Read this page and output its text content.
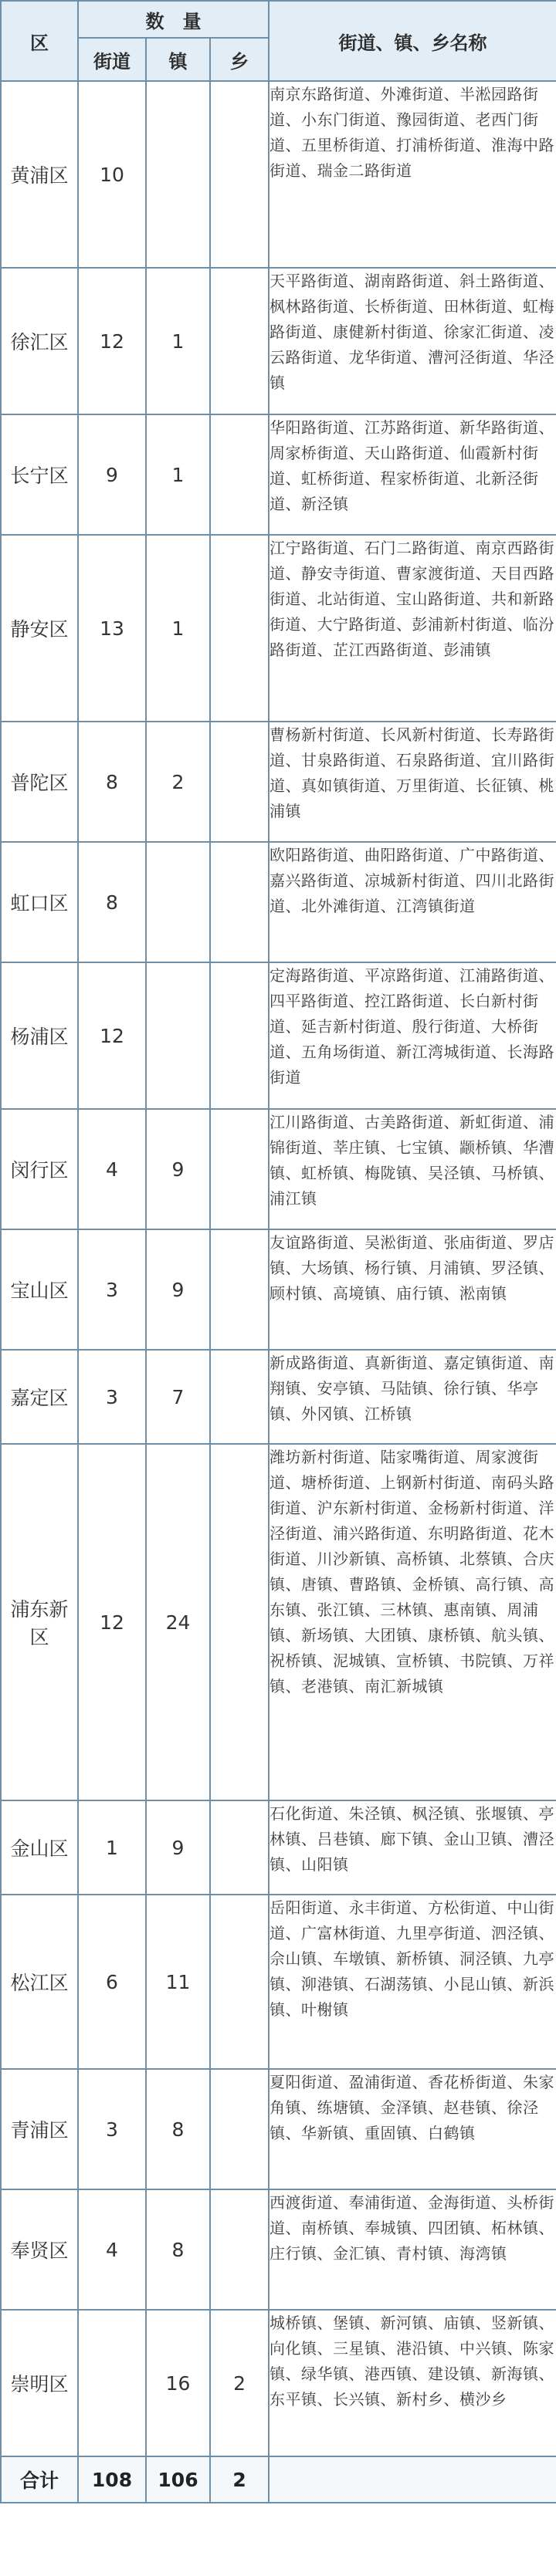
区	数　量			街道、镇、乡名称
	街道	镇	乡	
黄浦区	10			南京东路街道、外滩街道、半淞园路街道、小东门街道、豫园街道、老西门街道、五里桥街道、打浦桥街道、淮海中路街道、瑞金二路街道
徐汇区	12	1		天平路街道、湖南路街道、斜土路街道、枫林路街道、长桥街道、田林街道、虹梅路街道、康健新村街道、徐家汇街道、凌云路街道、龙华街道、漕河泾街道、华泾镇
长宁区	9	1		华阳路街道、江苏路街道、新华路街道、周家桥街道、天山路街道、仙霞新村街道、虹桥街道、程家桥街道、北新泾街道、新泾镇
静安区	13	1		江宁路街道、石门二路街道、南京西路街道、静安寺街道、曹家渡街道、天目西路街道、北站街道、宝山路街道、共和新路街道、大宁路街道、彭浦新村街道、临汾路街道、芷江西路街道、彭浦镇
普陀区	8	2		曹杨新村街道、长风新村街道、长寿路街道、甘泉路街道、石泉路街道、宜川路街道、真如镇街道、万里街道、长征镇、桃浦镇
虹口区	8			欧阳路街道、曲阳路街道、广中路街道、嘉兴路街道、凉城新村街道、四川北路街道、北外滩街道、江湾镇街道
杨浦区	12			定海路街道、平凉路街道、江浦路街道、四平路街道、控江路街道、长白新村街道、延吉新村街道、殷行街道、大桥街道、五角场街道、新江湾城街道、长海路街道
闵行区	4	9		江川路街道、古美路街道、新虹街道、浦锦街道、莘庄镇、七宝镇、颛桥镇、华漕镇、虹桥镇、梅陇镇、吴泾镇、马桥镇、浦江镇
宝山区	3	9		友谊路街道、吴淞街道、张庙街道、罗店镇、大场镇、杨行镇、月浦镇、罗泾镇、顾村镇、高境镇、庙行镇、淞南镇
嘉定区	3	7		新成路街道、真新街道、嘉定镇街道、南翔镇、安亭镇、马陆镇、徐行镇、华亭镇、外冈镇、江桥镇
浦东新区	12	24		潍坊新村街道、陆家嘴街道、周家渡街道、塘桥街道、上钢新村街道、南码头路街道、沪东新村街道、金杨新村街道、洋泾街道、浦兴路街道、东明路街道、花木街道、川沙新镇、高桥镇、北蔡镇、合庆镇、唐镇、曹路镇、金桥镇、高行镇、高东镇、张江镇、三林镇、惠南镇、周浦镇、新场镇、大团镇、康桥镇、航头镇、祝桥镇、泥城镇、宣桥镇、书院镇、万祥镇、老港镇、南汇新城镇
金山区	1	9		石化街道、朱泾镇、枫泾镇、张堰镇、亭林镇、吕巷镇、廊下镇、金山卫镇、漕泾镇、山阳镇
松江区	6	11		岳阳街道、永丰街道、方松街道、中山街道、广富林街道、九里亭街道、泗泾镇、佘山镇、车墩镇、新桥镇、洞泾镇、九亭镇、泖港镇、石湖荡镇、小昆山镇、新浜镇、叶榭镇
青浦区	3	8		夏阳街道、盈浦街道、香花桥街道、朱家角镇、练塘镇、金泽镇、赵巷镇、徐泾镇、华新镇、重固镇、白鹤镇
奉贤区	4	8		西渡街道、奉浦街道、金海街道、头桥街道、南桥镇、奉城镇、四团镇、柘林镇、庄行镇、金汇镇、青村镇、海湾镇
崇明区		16	2	城桥镇、堡镇、新河镇、庙镇、竖新镇、向化镇、三星镇、港沿镇、中兴镇、陈家镇、绿华镇、港西镇、建设镇、新海镇、东平镇、长兴镇、新村乡、横沙乡
合计	108	106	2	
